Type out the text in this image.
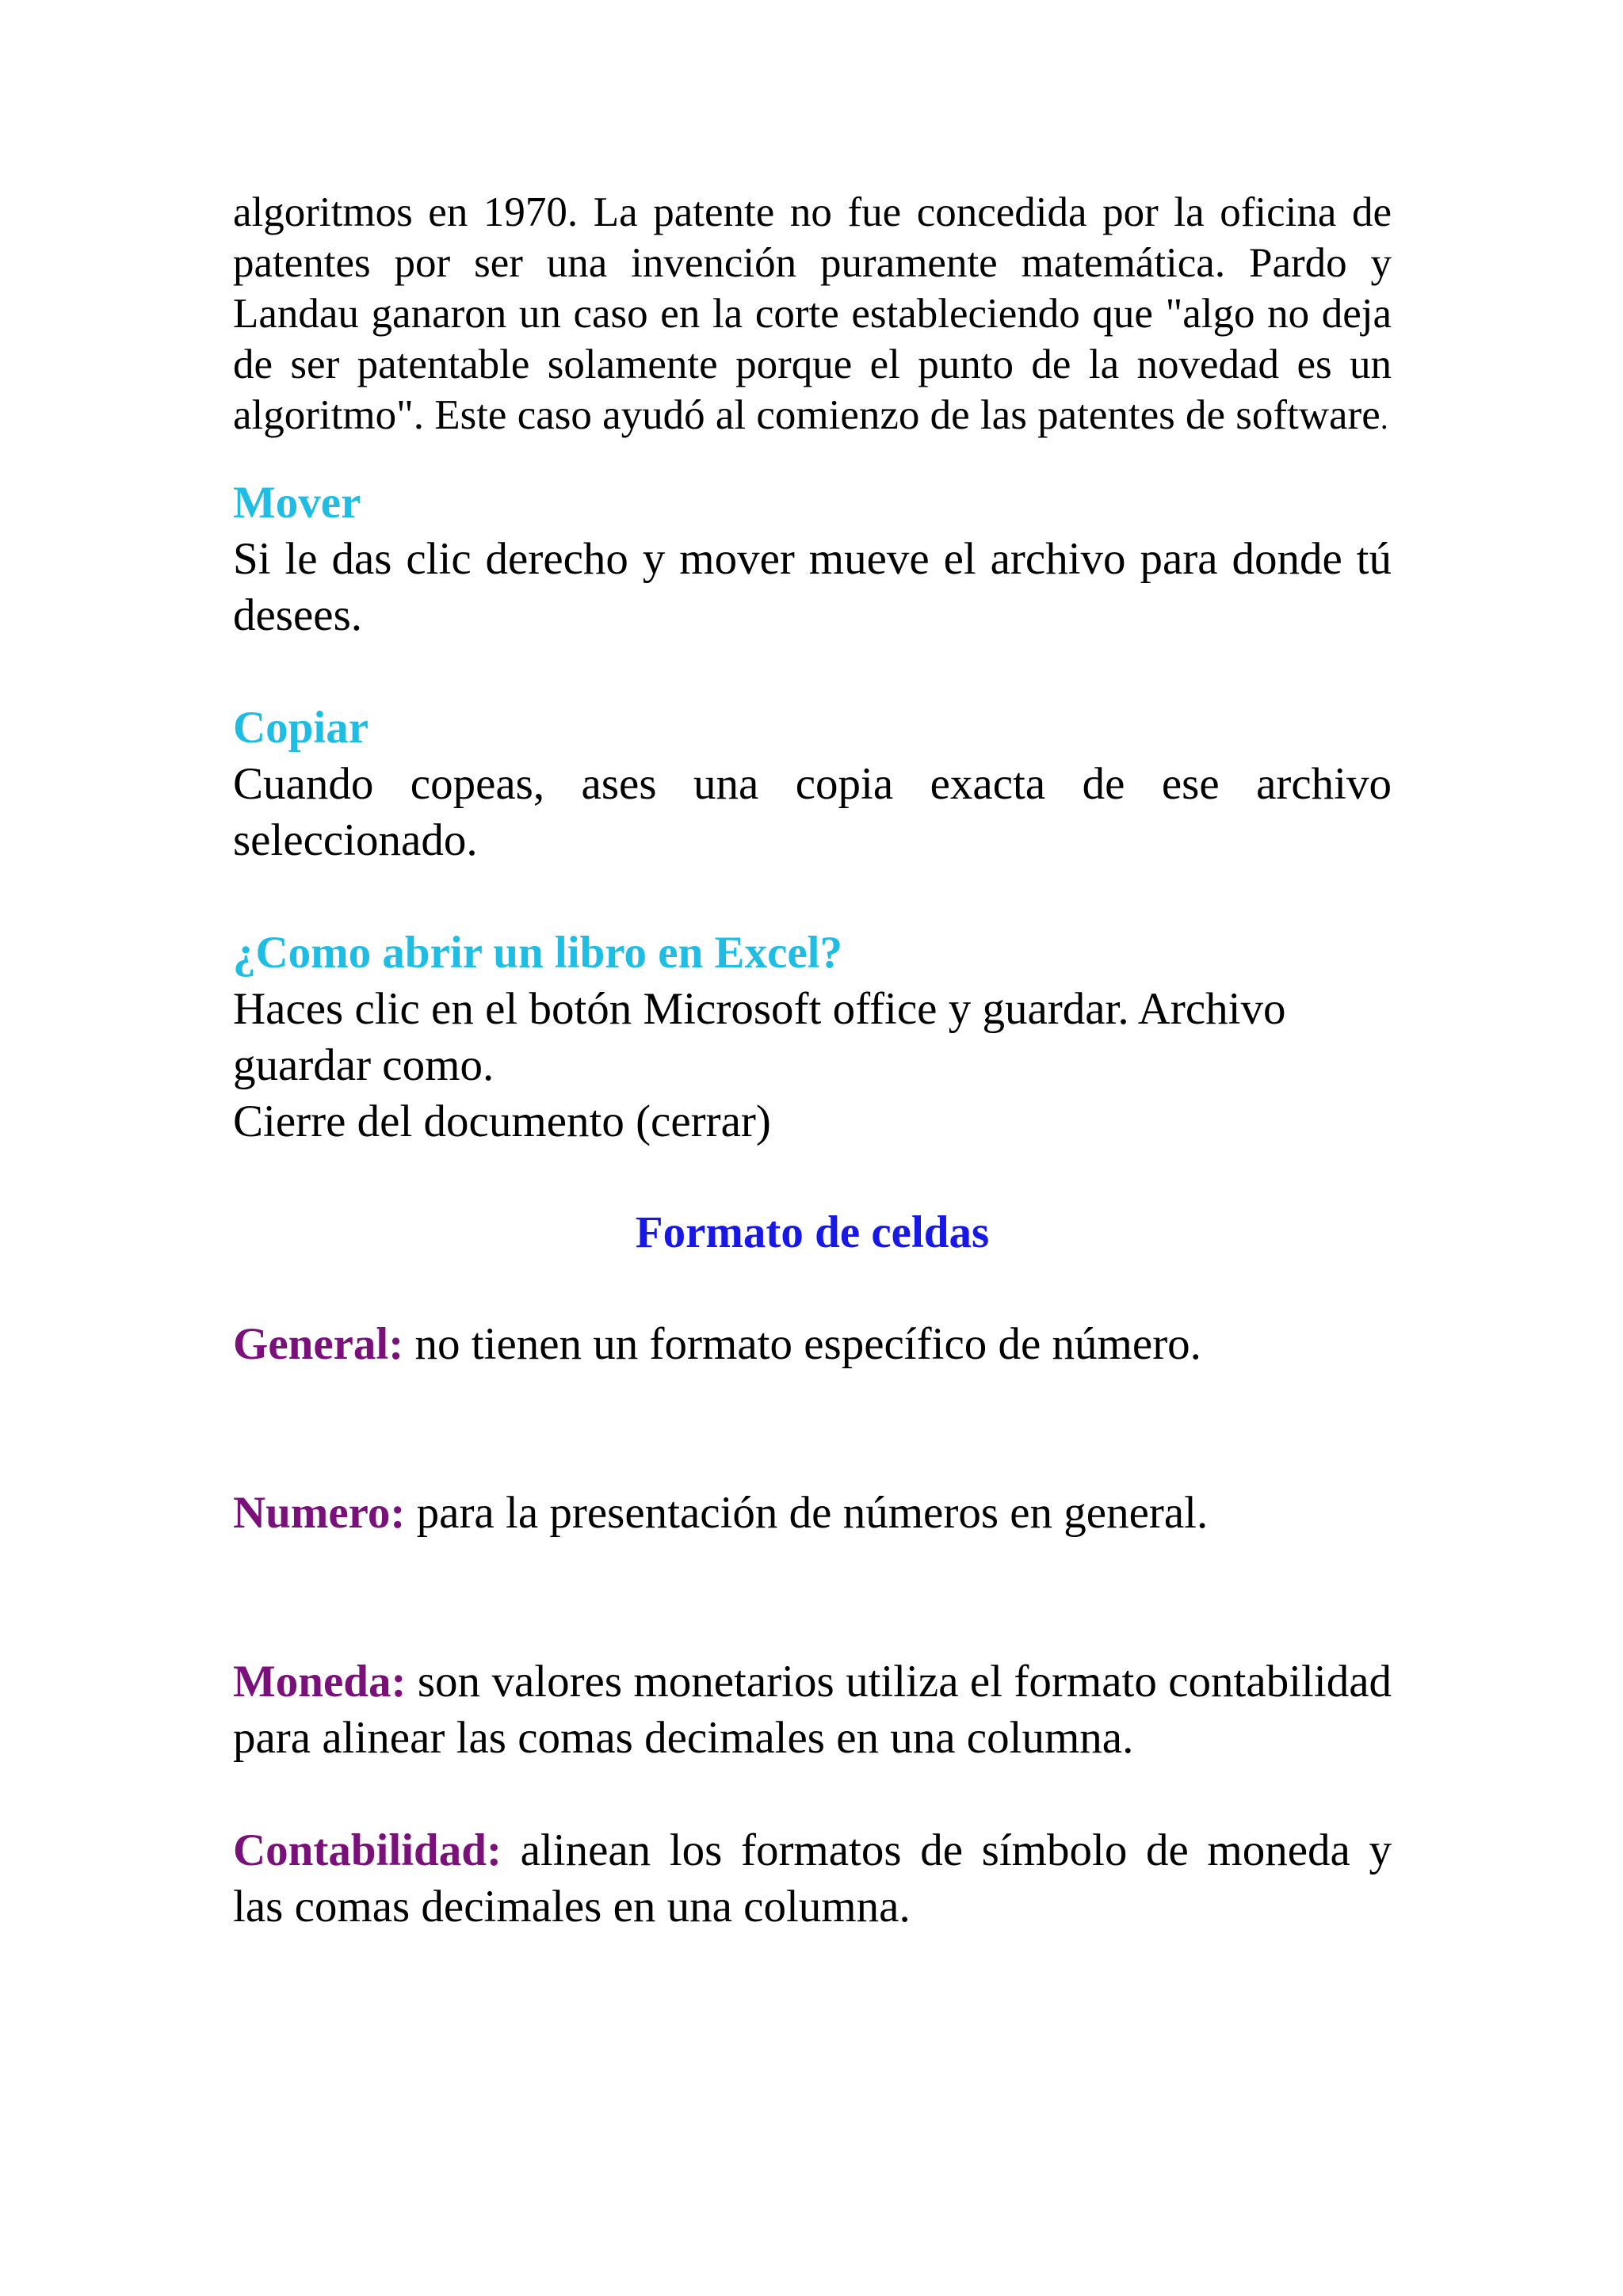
algoritmos en 1970. La patente no fue concedida por la oficina de patentes por ser una invención puramente matemática. Pardo y Landau ganaron un caso en la corte estableciendo que "algo no deja de ser patentable solamente porque el punto de la novedad es un algoritmo". Este caso ayudó al comienzo de las patentes de software.

Mover

Si le das clic derecho y mover mueve el archivo para donde tú desees.

Copiar

Cuando copeas, ases una copia exacta de ese archivo seleccionado.

¿Como abrir un libro en Excel?

Haces clic en el botón Microsoft office y guardar. Archivo guardar como.

Cierre del documento (cerrar)

Formato de celdas

General: no tienen un formato específico de número.

Numero: para la presentación de números en general.

Moneda: son valores monetarios utiliza el formato contabilidad para alinear las comas decimales en una columna.

Contabilidad: alinean los formatos de símbolo de moneda y las comas decimales en una columna.
